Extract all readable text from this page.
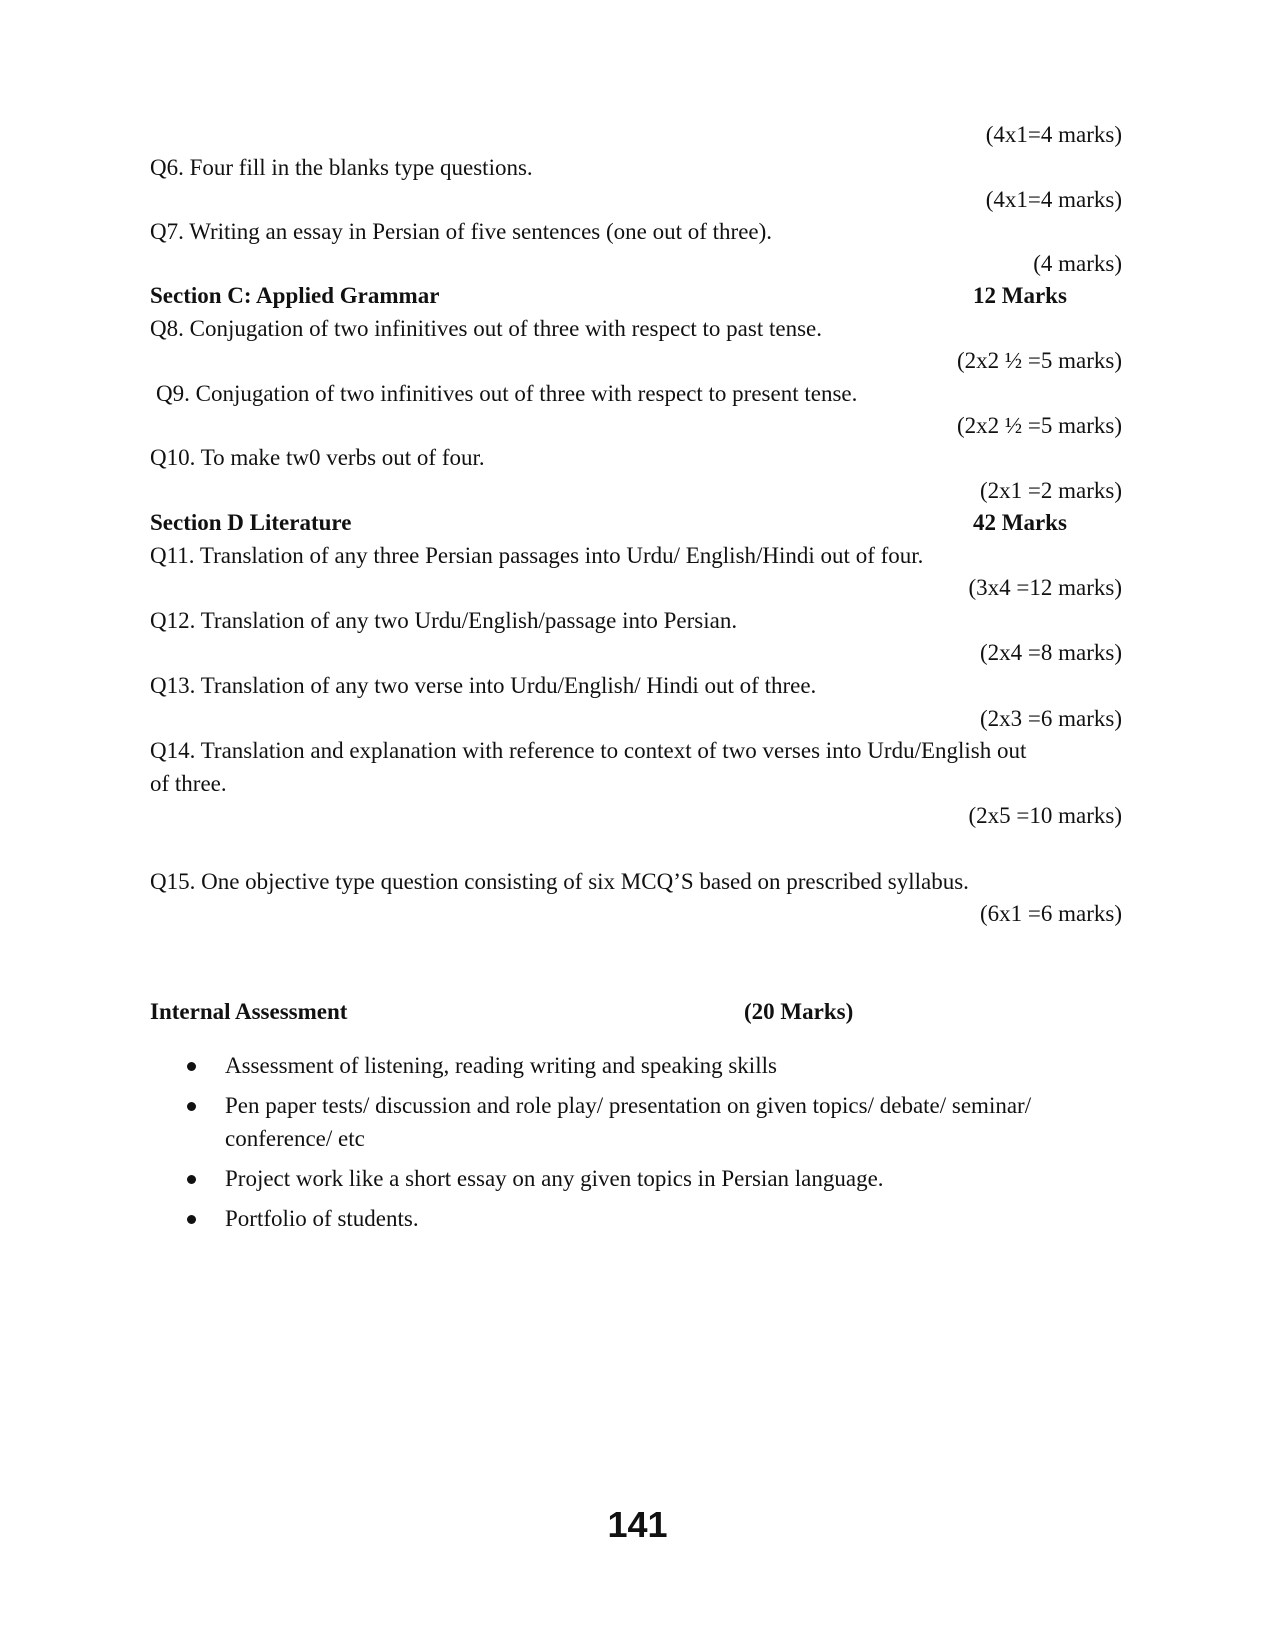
(4x1=4 marks)
Q6. Four fill in the blanks type questions.
(4x1=4 marks)
Q7. Writing an essay in Persian of five sentences (one out of three).
(4 marks)
Section C: Applied Grammar	12 Marks
Q8. Conjugation of two infinitives out of three with respect to past tense.
(2x2 ½ =5 marks)
Q9. Conjugation of two infinitives out of three with respect to present tense.
(2x2 ½ =5 marks)
Q10. To make tw0 verbs out of four.
(2x1 =2 marks)
Section D Literature	42 Marks
Q11. Translation of any three Persian passages into Urdu/ English/Hindi out of four.
(3x4 =12 marks)
Q12. Translation of any two Urdu/English/passage into Persian.
(2x4 =8 marks)
Q13. Translation of any two verse into Urdu/English/ Hindi out of three.
(2x3 =6 marks)
Q14. Translation and explanation with reference to context of two verses into Urdu/English out
of three.
(2x5 =10 marks)
Q15. One objective type question consisting of six MCQ’S based on prescribed syllabus.
(6x1 =6 marks)
Internal Assessment	(20 Marks)
Assessment of listening, reading writing and speaking skills
Pen paper tests/ discussion and role play/ presentation on given topics/ debate/ seminar/ conference/ etc
Project work like a short essay on any given topics in Persian language.
Portfolio of students.
141
